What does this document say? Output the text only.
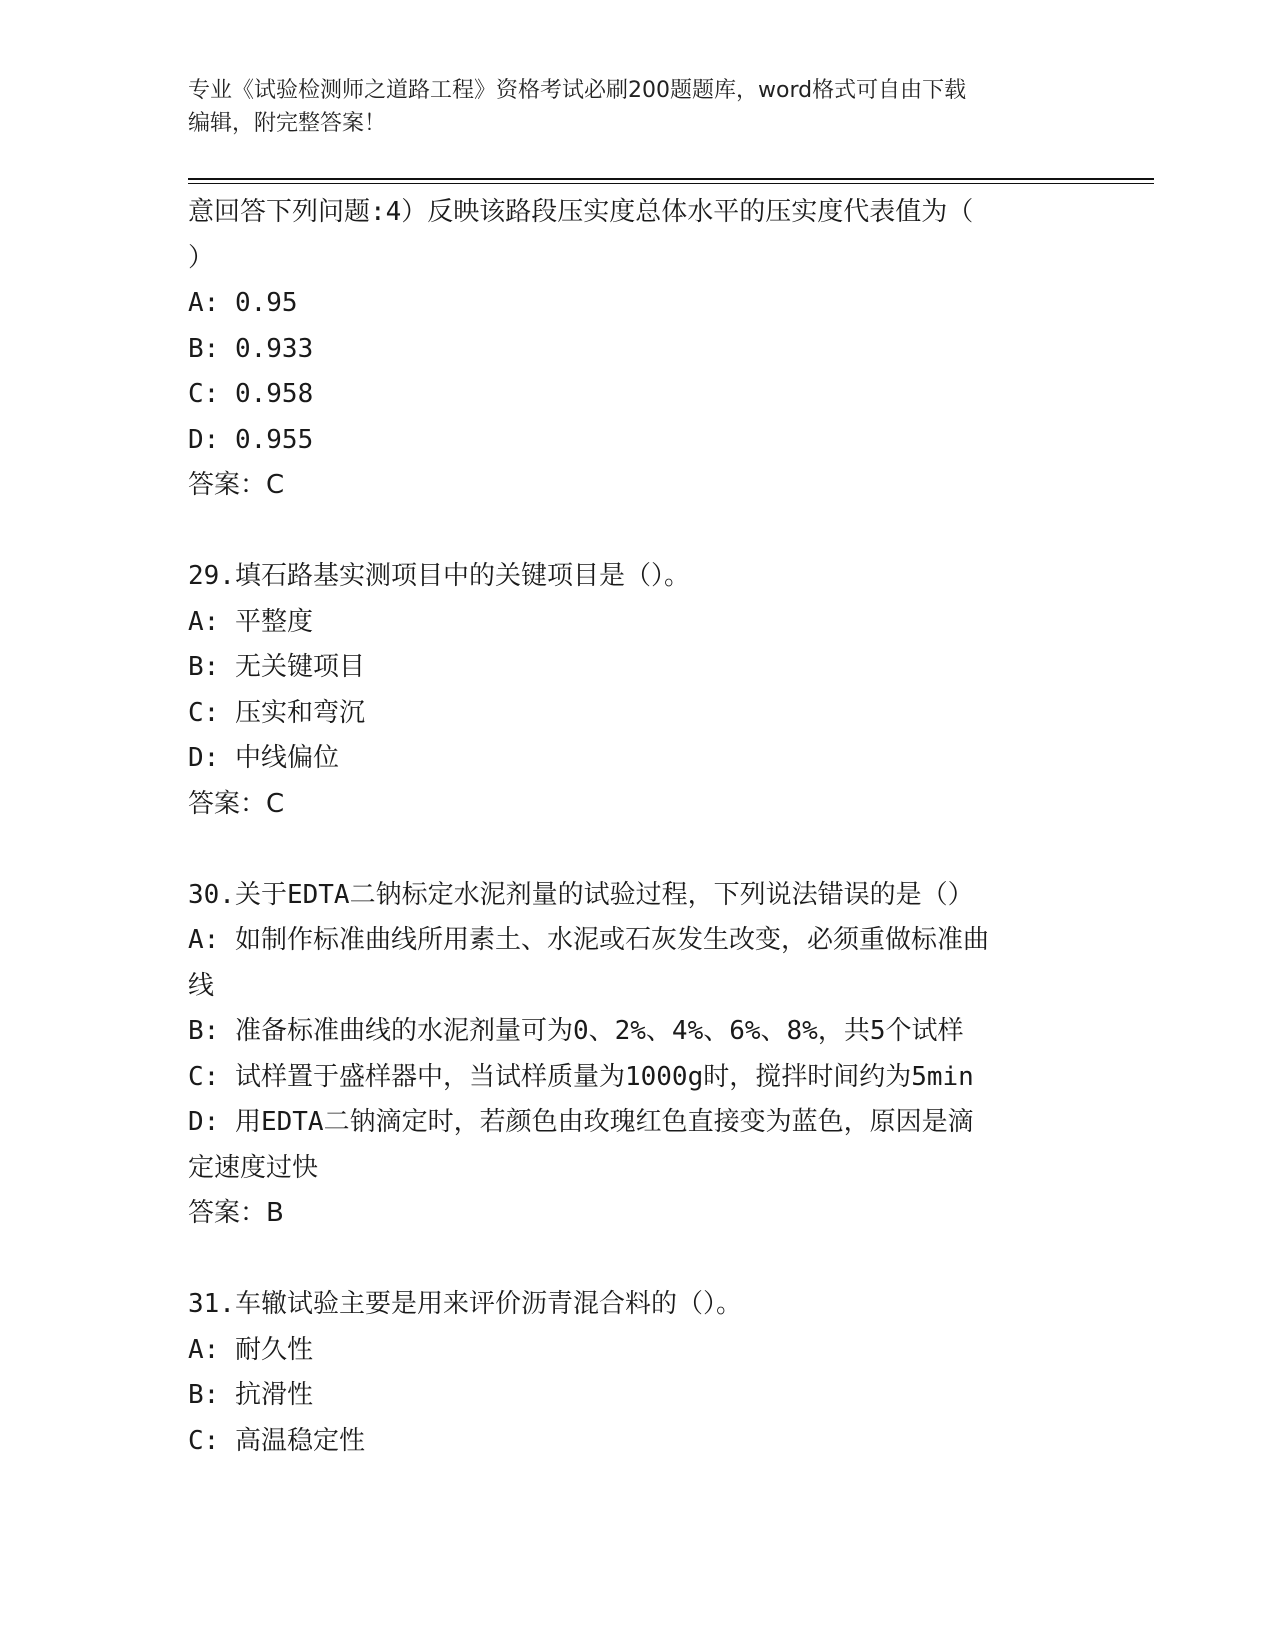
专业《试验检测师之道路工程》资格考试必刷200题题库，word格式可自由下载
编辑，附完整答案！

意回答下列问题:4）反映该路段压实度总体水平的压实度代表值为（

）

A: 0.95

B: 0.933

C: 0.958

D: 0.955

答案：C

29.填石路基实测项目中的关键项目是（）。

A: 平整度

B: 无关键项目

C: 压实和弯沉

D: 中线偏位

答案：C

30.关于EDTA二钠标定水泥剂量的试验过程，下列说法错误的是（）

A: 如制作标准曲线所用素土、水泥或石灰发生改变，必须重做标准曲

线

B: 准备标准曲线的水泥剂量可为0、2%、4%、6%、8%，共5个试样

C: 试样置于盛样器中，当试样质量为1000g时，搅拌时间约为5min

D: 用EDTA二钠滴定时，若颜色由玫瑰红色直接变为蓝色，原因是滴

定速度过快

答案：B

31.车辙试验主要是用来评价沥青混合料的（）。

A: 耐久性

B: 抗滑性

C: 高温稳定性
